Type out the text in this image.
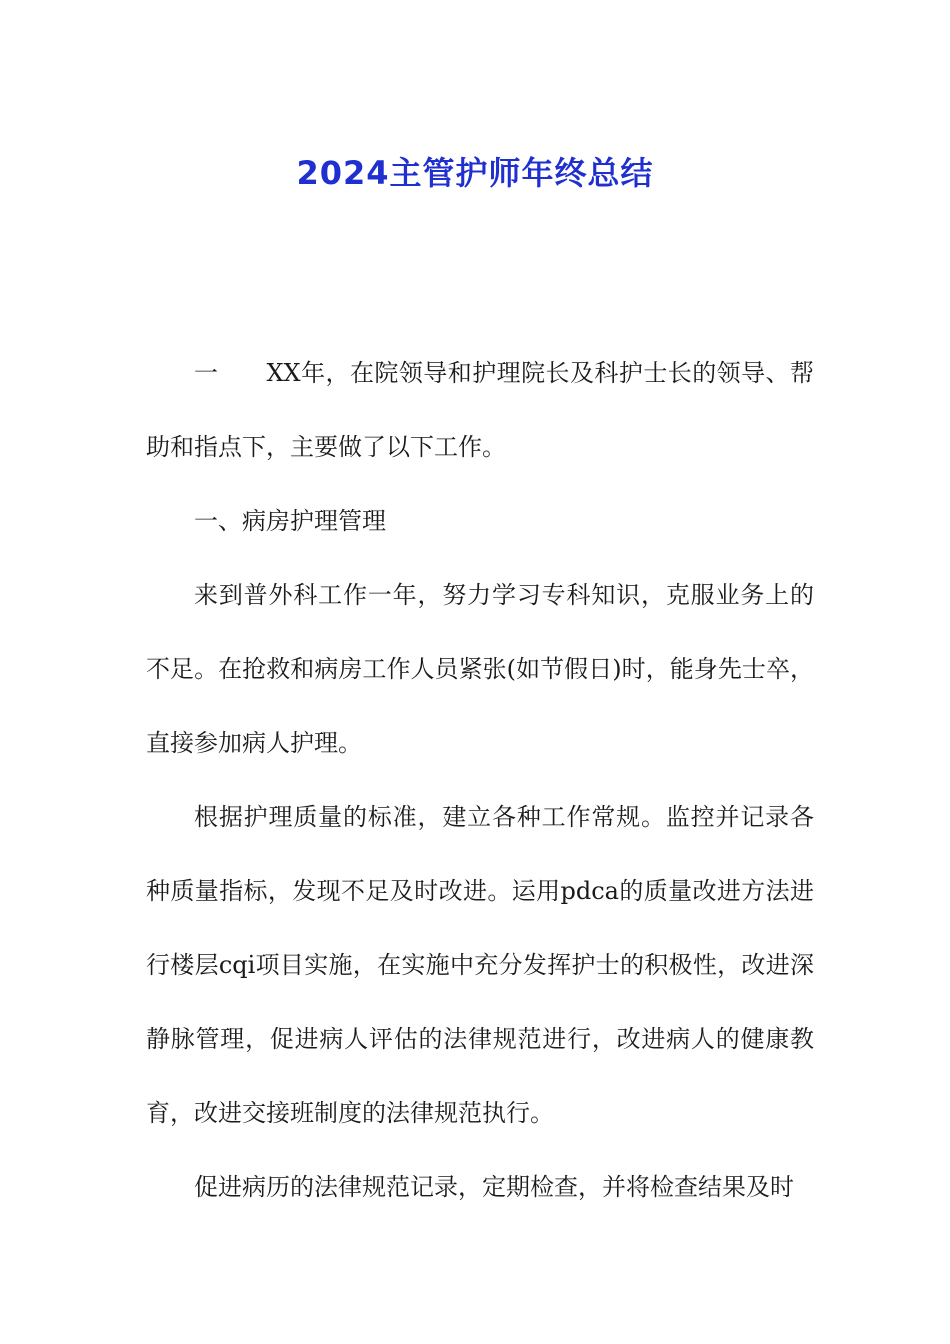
2024主管护师年终总结

一 XX年，在院领导和护理院长及科护士长的领导、帮助和指点下，主要做了以下工作。

一、病房护理管理

来到普外科工作一年，努力学习专科知识，克服业务上的不足。在抢救和病房工作人员紧张(如节假日)时，能身先士卒，直接参加病人护理。

根据护理质量的标准，建立各种工作常规。监控并记录各种质量指标，发现不足及时改进。运用pdca的质量改进方法进行楼层cqi项目实施，在实施中充分发挥护士的积极性，改进深静脉管理，促进病人评估的法律规范进行，改进病人的健康教育，改进交接班制度的法律规范执行。

促进病历的法律规范记录，定期检查，并将检查结果及时
